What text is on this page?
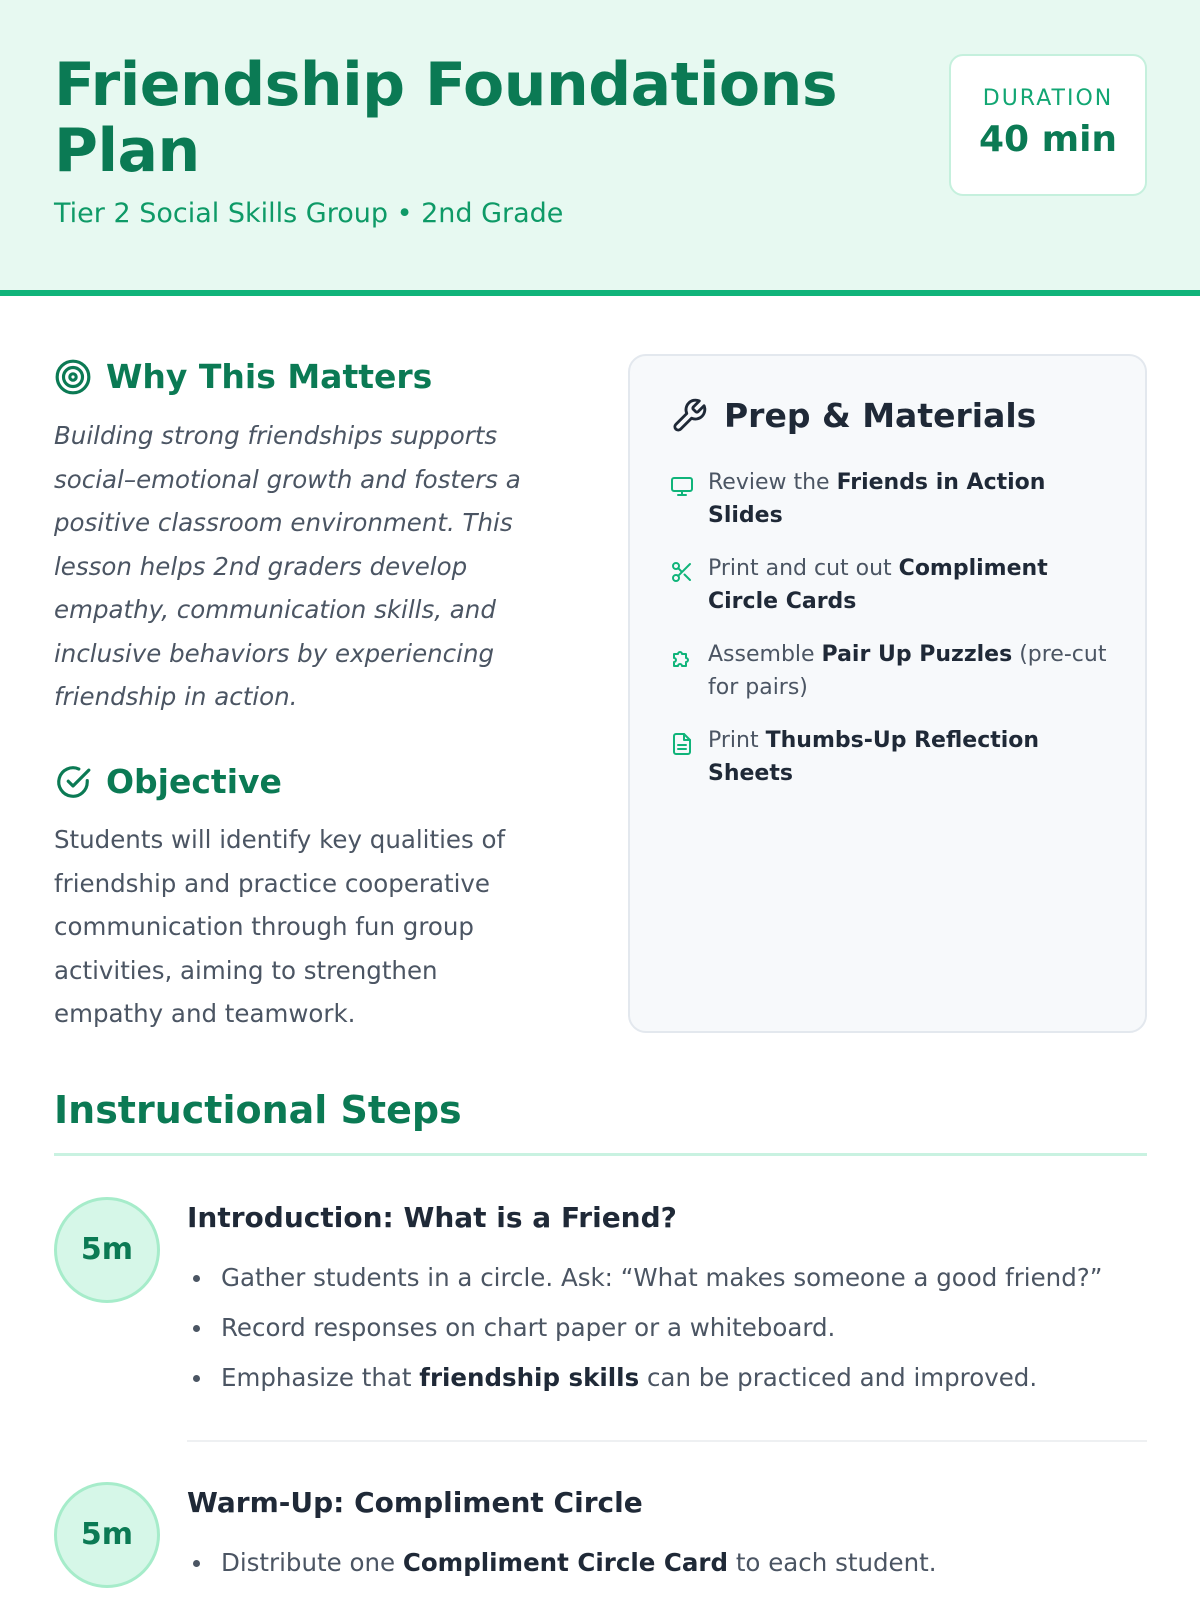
Friendship Foundations Plan
Tier 2 Social Skills Group • 2nd Grade
DURATION
40 min
Why This Matters

Building strong friendships supports social–emotional growth and fosters a positive classroom environment. This lesson helps 2nd graders develop empathy, communication skills, and inclusive behaviors by experiencing friendship in action.

Objective

Students will identify key qualities of friendship and practice cooperative communication through fun group activities, aiming to strengthen empathy and teamwork.

Prep & Materials
Review the Friends in Action Slides
Print and cut out Compliment Circle Cards
Assemble Pair Up Puzzles (pre-cut for pairs)
Print Thumbs-Up Reflection Sheets
Instructional Steps
5m
Introduction: What is a Friend?
Gather students in a circle. Ask: “What makes someone a good friend?”
Record responses on chart paper or a whiteboard.
Emphasize that friendship skills can be practiced and improved.
5m
Warm-Up: Compliment Circle
Distribute one Compliment Circle Card to each student.
